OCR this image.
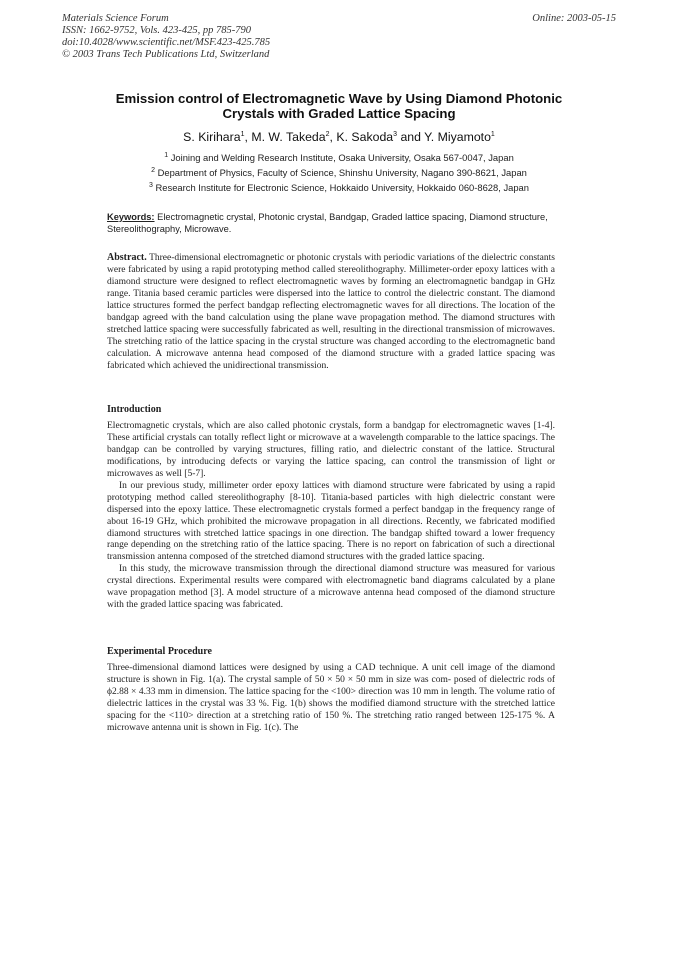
Materials Science Forum
ISSN: 1662-9752, Vols. 423-425, pp 785-790
doi:10.4028/www.scientific.net/MSF.423-425.785
© 2003 Trans Tech Publications Ltd, Switzerland
Online: 2003-05-15
Emission control of Electromagnetic Wave by Using Diamond Photonic Crystals with Graded Lattice Spacing
S. Kirihara$^1$, M. W. Takeda$^2$, K. Sakoda$^3$ and Y. Miyamoto$^1$
$^1$ Joining and Welding Research Institute, Osaka University, Osaka 567-0047, Japan
$^2$ Department of Physics, Faculty of Science, Shinshu University, Nagano 390-8621, Japan
$^3$ Research Institute for Electronic Science, Hokkaido University, Hokkaido 060-8628, Japan
Keywords: Electromagnetic crystal, Photonic crystal, Bandgap, Graded lattice spacing, Diamond structure, Stereolithography, Microwave.
Abstract. Three-dimensional electromagnetic or photonic crystals with periodic variations of the dielectric constants were fabricated by using a rapid prototyping method called stereolithography. Millimeter-order epoxy lattices with a diamond structure were designed to reflect electromagnetic waves by forming an electromagnetic bandgap in GHz range. Titania based ceramic particles were dispersed into the lattice to control the dielectric constant. The diamond lattice structures formed the perfect bandgap reflecting electromagnetic waves for all directions. The location of the bandgap agreed with the band calculation using the plane wave propagation method. The diamond structures with stretched lattice spacing were successfully fabricated as well, resulting in the directional transmission of microwaves. The stretching ratio of the lattice spacing in the crystal structure was changed according to the electromagnetic band calculation. A microwave antenna head composed of the diamond structure with a graded lattice spacing was fabricated which achieved the unidirectional transmission.
Introduction

Electromagnetic crystals, which are also called photonic crystals, form a bandgap for electromagnetic waves [1-4]. These artificial crystals can totally reflect light or microwave at a wavelength comparable to the lattice spacings. The bandgap can be controlled by varying structures, filling ratio, and dielectric constant of the lattice. Structural modifications, by introducing defects or varying the lattice spacing, can control the transmission of light or microwaves as well [5-7].

In our previous study, millimeter order epoxy lattices with diamond structure were fabricated by using a rapid prototyping method called stereolithography [8-10]. Titania-based particles with high dielectric constant were dispersed into the epoxy lattice. These electromagnetic crystals formed a perfect bandgap in the frequency range of about 16-19 GHz, which prohibited the microwave propagation in all directions. Recently, we fabricated modified diamond structures with stretched lattice spacings in one direction. The bandgap shifted toward a lower frequency range depending on the stretching ratio of the lattice spacing. There is no report on fabrication of such a directional transmission antenna composed of the stretched diamond structures with the graded lattice spacing.

In this study, the microwave transmission through the directional diamond structure was measured for various crystal directions. Experimental results were compared with electromagnetic band diagrams calculated by a plane wave propagation method [3]. A model structure of a microwave antenna head composed of the diamond structure with the graded lattice spacing was fabricated.

Experimental Procedure

Three-dimensional diamond lattices were designed by using a CAD technique. A unit cell image of the diamond structure is shown in Fig. 1(a). The crystal sample of 50 × 50 × 50 mm in size was com- posed of dielectric rods of ϕ2.88 × 4.33 mm in dimension. The lattice spacing for the <100> direction was 10 mm in length. The volume ratio of dielectric lattices in the crystal was 33 %. Fig. 1(b) shows the modified diamond structure with the stretched lattice spacing for the <110> direction at a stretching ratio of 150 %. The stretching ratio ranged between 125-175 %. A microwave antenna unit is shown in Fig. 1(c). The
